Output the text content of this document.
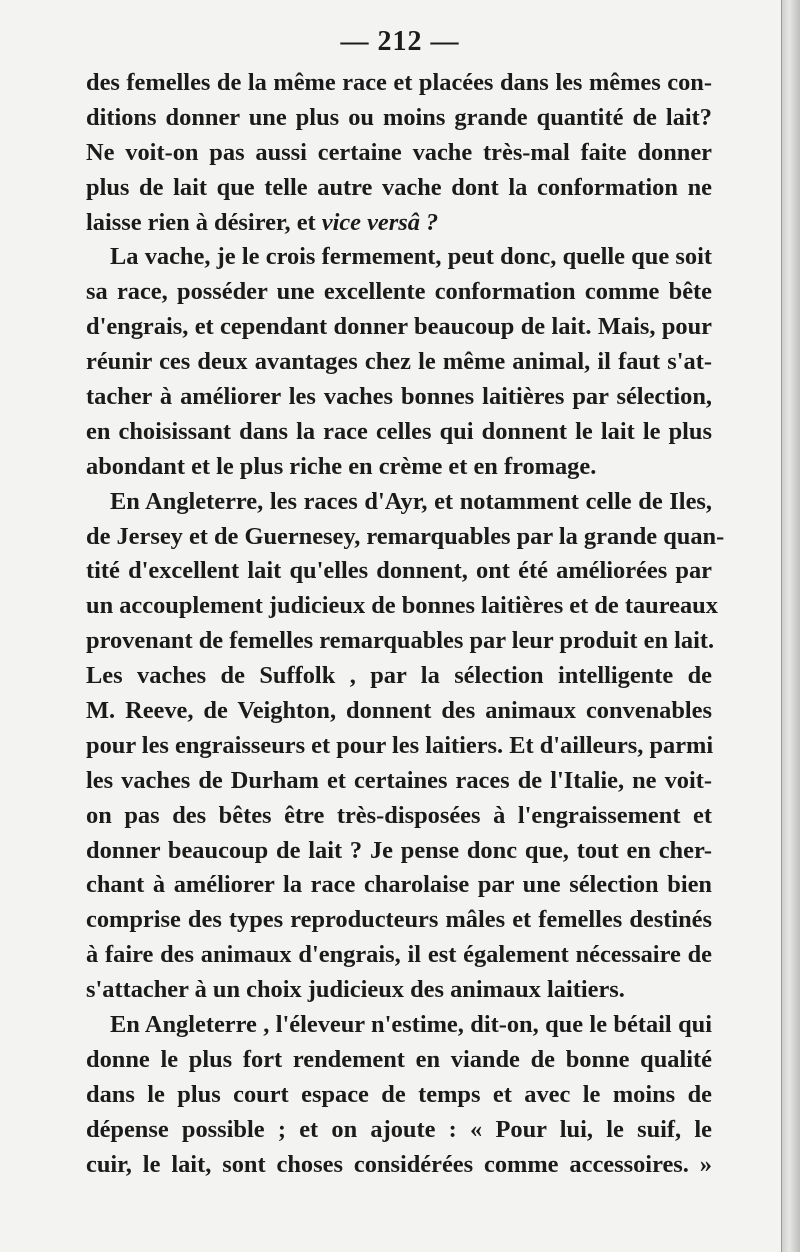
— 212 —
des femelles de la même race et placées dans les mêmes con-
ditions donner une plus ou moins grande quantité de lait?
Ne voit-on pas aussi certaine vache très-mal faite donner
plus de lait que telle autre vache dont la conformation ne
laisse rien à désirer, et vice versâ ?
La vache, je le crois fermement, peut donc, quelle que soit
sa race, posséder une excellente conformation comme bête
d'engrais, et cependant donner beaucoup de lait. Mais, pour
réunir ces deux avantages chez le même animal, il faut s'at-
tacher à améliorer les vaches bonnes laitières par sélection,
en choisissant dans la race celles qui donnent le lait le plus
abondant et le plus riche en crème et en fromage.
En Angleterre, les races d'Ayr, et notamment celle de Iles,
de Jersey et de Guernesey, remarquables par la grande quan-
tité d'excellent lait qu'elles donnent, ont été améliorées par
un accouplement judicieux de bonnes laitières et de taureaux
provenant de femelles remarquables par leur produit en lait.
Les vaches de Suffolk , par la sélection intelligente de
M. Reeve, de Veighton, donnent des animaux convenables
pour les engraisseurs et pour les laitiers. Et d'ailleurs, parmi
les vaches de Durham et certaines races de l'Italie, ne voit-
on pas des bêtes être très-disposées à l'engraissement et
donner beaucoup de lait ? Je pense donc que, tout en cher-
chant à améliorer la race charolaise par une sélection bien
comprise des types reproducteurs mâles et femelles destinés
à faire des animaux d'engrais, il est également nécessaire de
s'attacher à un choix judicieux des animaux laitiers.
En Angleterre , l'éleveur n'estime, dit-on, que le bétail qui
donne le plus fort rendement en viande de bonne qualité
dans le plus court espace de temps et avec le moins de
dépense possible ; et on ajoute : « Pour lui, le suif, le
cuir, le lait, sont choses considérées comme accessoires. »
